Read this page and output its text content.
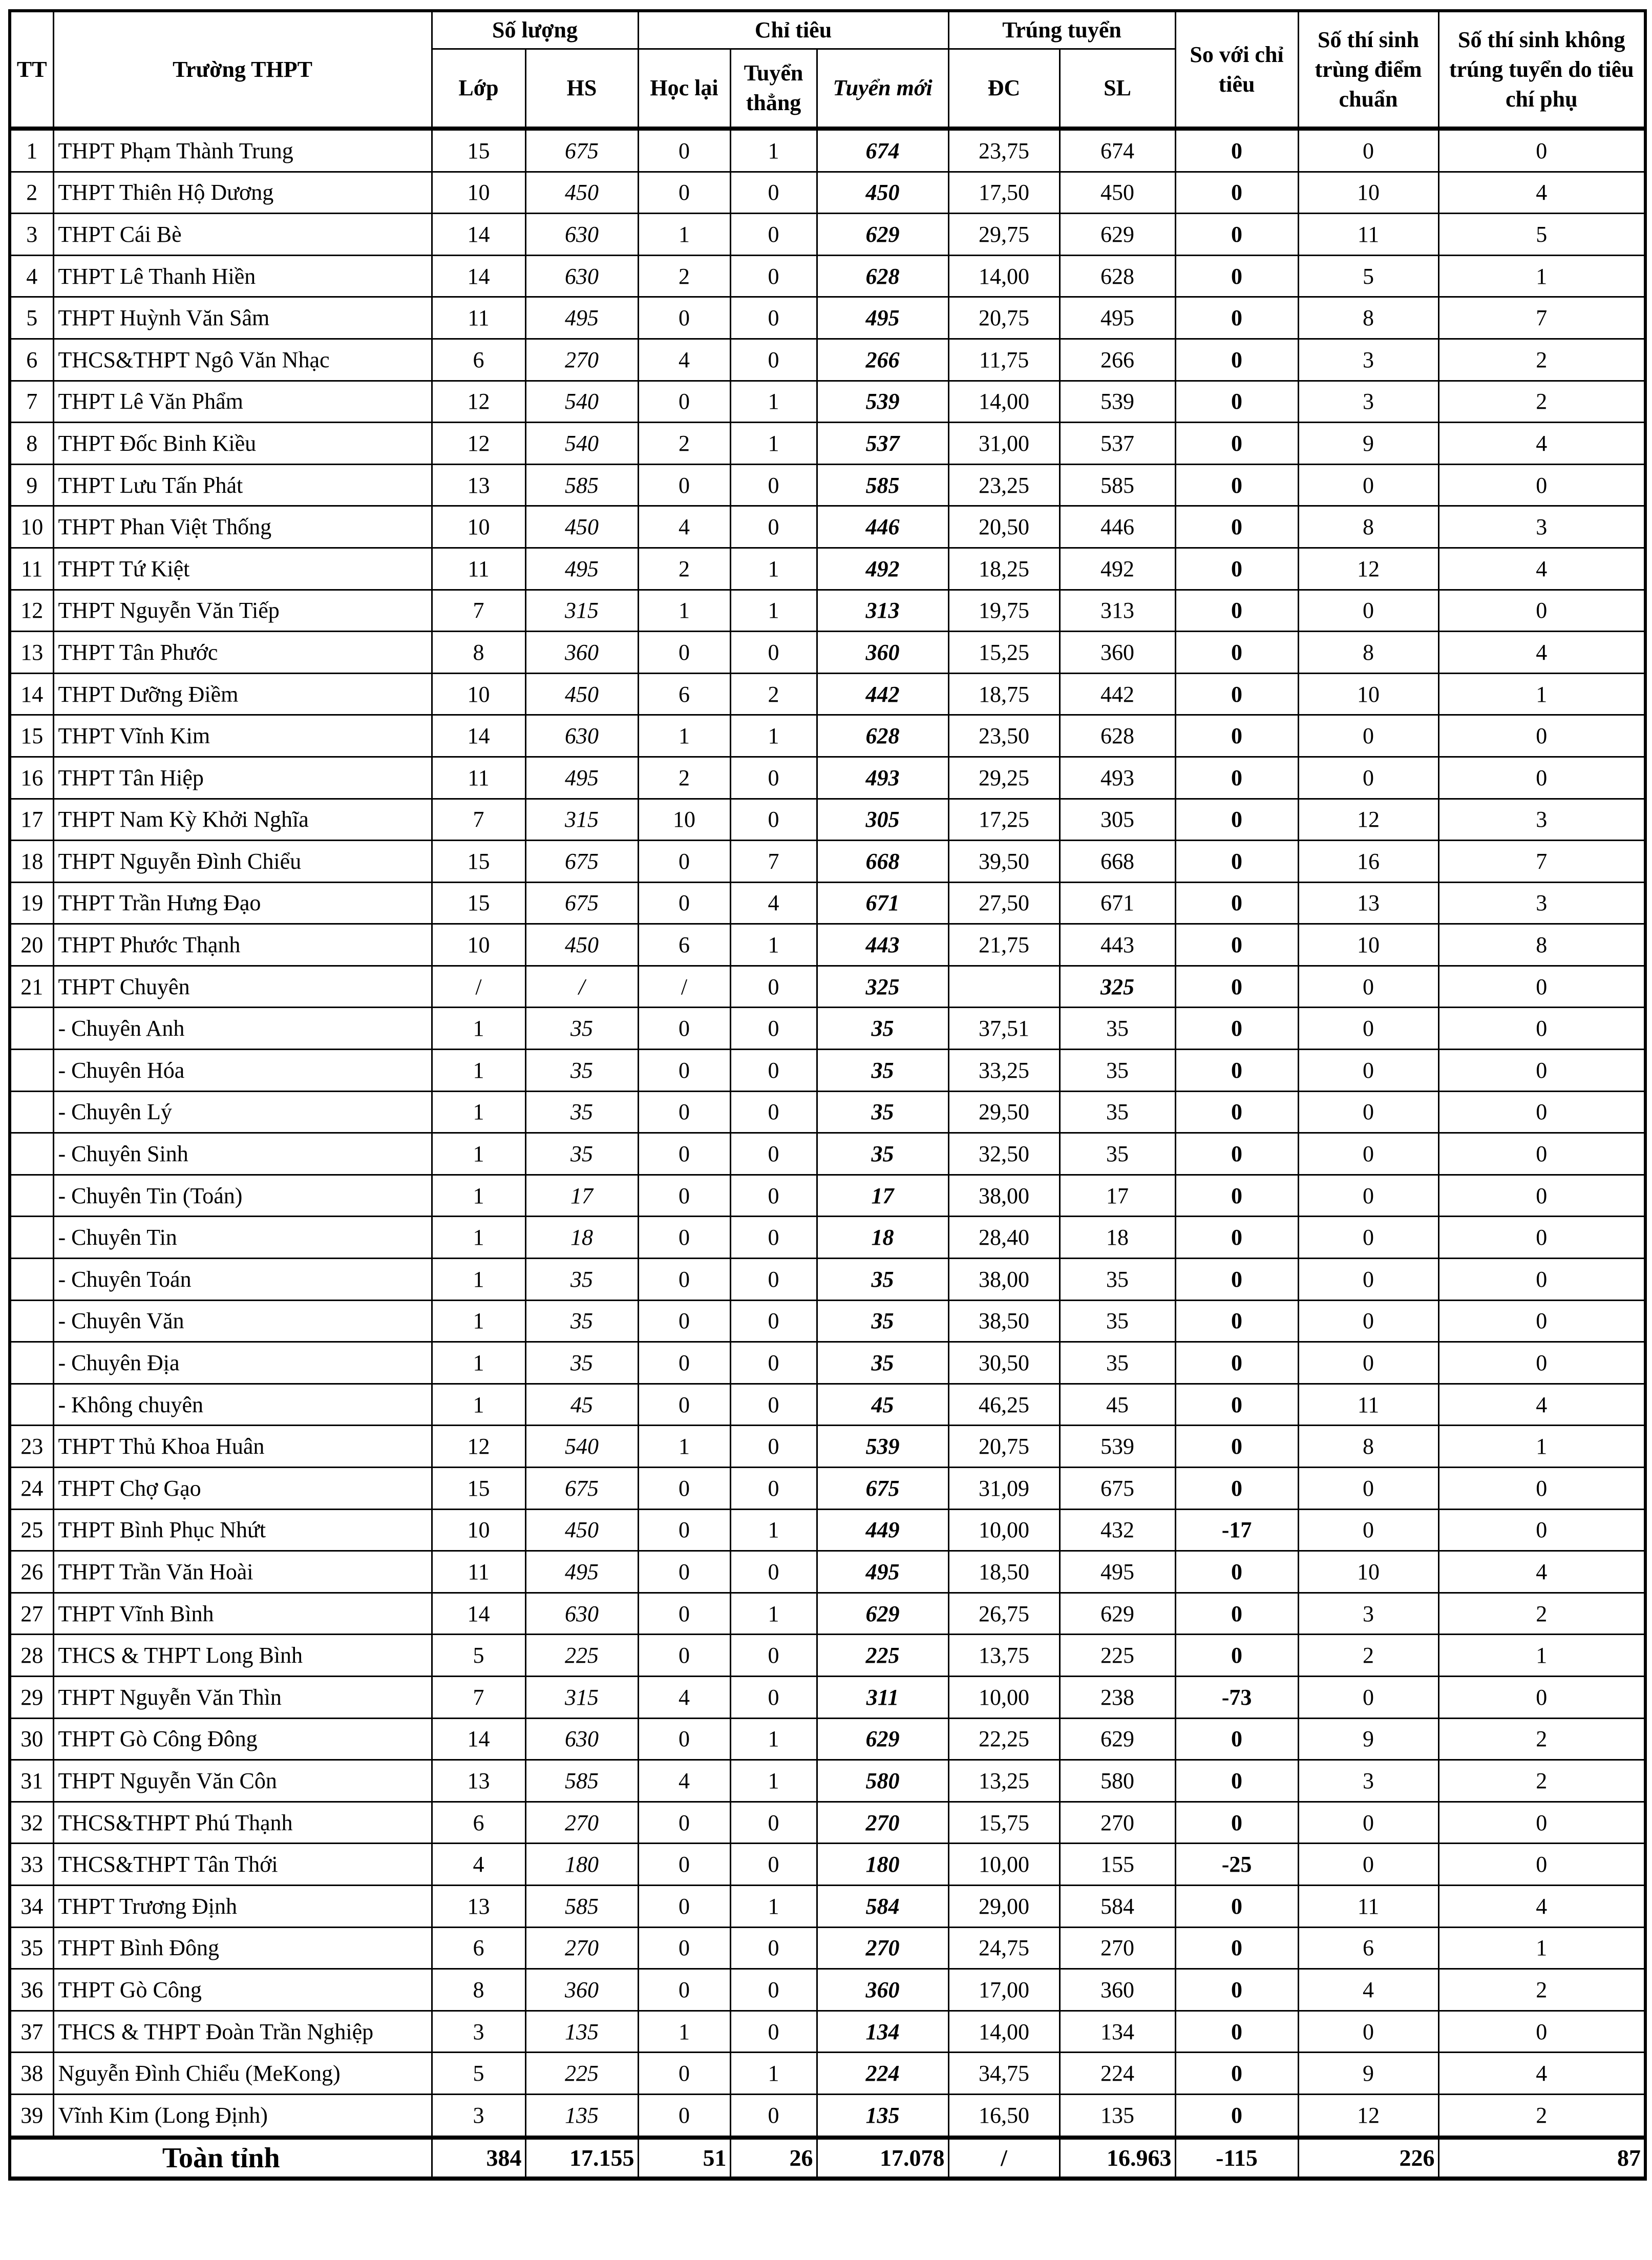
TT	Trường THPT	Số lượng		Chỉ tiêu			Trúng tuyển		So với chỉ tiêu	Số thí sinh trùng điểm chuẩn	Số thí sinh không trúng tuyển do tiêu chí phụ
		Lớp	HS	Học lại	Tuyển thẳng	Tuyển mới	ĐC	SL			
1	THPT Phạm Thành Trung	15	675	0	1	674	23,75	674	0	0	0
2	THPT Thiên Hộ Dương	10	450	0	0	450	17,50	450	0	10	4
3	THPT Cái Bè	14	630	1	0	629	29,75	629	0	11	5
4	THPT Lê Thanh Hiền	14	630	2	0	628	14,00	628	0	5	1
5	THPT Huỳnh Văn Sâm	11	495	0	0	495	20,75	495	0	8	7
6	THCS&THPT Ngô Văn Nhạc	6	270	4	0	266	11,75	266	0	3	2
7	THPT Lê Văn Phẩm	12	540	0	1	539	14,00	539	0	3	2
8	THPT Đốc Binh Kiều	12	540	2	1	537	31,00	537	0	9	4
9	THPT Lưu Tấn Phát	13	585	0	0	585	23,25	585	0	0	0
10	THPT Phan Việt Thống	10	450	4	0	446	20,50	446	0	8	3
11	THPT Tứ Kiệt	11	495	2	1	492	18,25	492	0	12	4
12	THPT Nguyễn Văn Tiếp	7	315	1	1	313	19,75	313	0	0	0
13	THPT Tân Phước	8	360	0	0	360	15,25	360	0	8	4
14	THPT Dưỡng Điềm	10	450	6	2	442	18,75	442	0	10	1
15	THPT Vĩnh Kim	14	630	1	1	628	23,50	628	0	0	0
16	THPT Tân Hiệp	11	495	2	0	493	29,25	493	0	0	0
17	THPT Nam Kỳ Khởi Nghĩa	7	315	10	0	305	17,25	305	0	12	3
18	THPT Nguyễn Đình Chiểu	15	675	0	7	668	39,50	668	0	16	7
19	THPT Trần Hưng Đạo	15	675	0	4	671	27,50	671	0	13	3
20	THPT Phước Thạnh	10	450	6	1	443	21,75	443	0	10	8
21	THPT Chuyên	/	/	/	0	325		325	0	0	0
	- Chuyên Anh	1	35	0	0	35	37,51	35	0	0	0
	- Chuyên Hóa	1	35	0	0	35	33,25	35	0	0	0
	- Chuyên Lý	1	35	0	0	35	29,50	35	0	0	0
	- Chuyên Sinh	1	35	0	0	35	32,50	35	0	0	0
	- Chuyên Tin (Toán)	1	17	0	0	17	38,00	17	0	0	0
	- Chuyên Tin	1	18	0	0	18	28,40	18	0	0	0
	- Chuyên Toán	1	35	0	0	35	38,00	35	0	0	0
	- Chuyên Văn	1	35	0	0	35	38,50	35	0	0	0
	- Chuyên Địa	1	35	0	0	35	30,50	35	0	0	0
	- Không chuyên	1	45	0	0	45	46,25	45	0	11	4
23	THPT Thủ Khoa Huân	12	540	1	0	539	20,75	539	0	8	1
24	THPT Chợ Gạo	15	675	0	0	675	31,09	675	0	0	0
25	THPT Bình Phục Nhứt	10	450	0	1	449	10,00	432	-17	0	0
26	THPT Trần Văn Hoài	11	495	0	0	495	18,50	495	0	10	4
27	THPT Vĩnh Bình	14	630	0	1	629	26,75	629	0	3	2
28	THCS & THPT Long Bình	5	225	0	0	225	13,75	225	0	2	1
29	THPT Nguyễn Văn Thìn	7	315	4	0	311	10,00	238	-73	0	0
30	THPT Gò Công Đông	14	630	0	1	629	22,25	629	0	9	2
31	THPT Nguyễn Văn Côn	13	585	4	1	580	13,25	580	0	3	2
32	THCS&THPT Phú Thạnh	6	270	0	0	270	15,75	270	0	0	0
33	THCS&THPT Tân Thới	4	180	0	0	180	10,00	155	-25	0	0
34	THPT Trương Định	13	585	0	1	584	29,00	584	0	11	4
35	THPT Bình Đông	6	270	0	0	270	24,75	270	0	6	1
36	THPT Gò Công	8	360	0	0	360	17,00	360	0	4	2
37	THCS & THPT Đoàn Trần Nghiệp	3	135	1	0	134	14,00	134	0	0	0
38	Nguyễn Đình Chiểu (MeKong)	5	225	0	1	224	34,75	224	0	9	4
39	Vĩnh Kim (Long Định)	3	135	0	0	135	16,50	135	0	12	2
Toàn tỉnh		384	17.155	51	26	17.078	/	16.963	-115	226	87
